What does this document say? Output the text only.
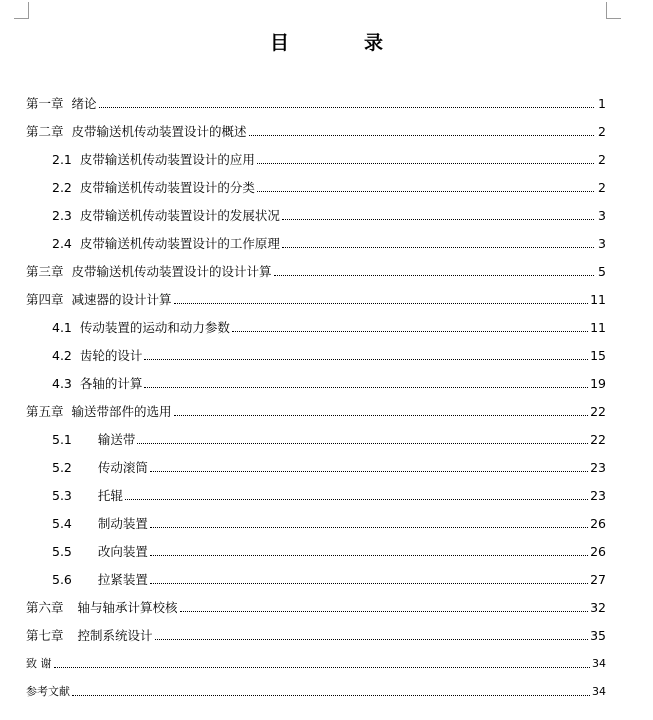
目　录
第一章 绪论	1
第二章 皮带输送机传动装置设计的概述	2
2.1 皮带输送机传动装置设计的应用	2
2.2 皮带输送机传动装置设计的分类	2
2.3 皮带输送机传动装置设计的发展状况	3
2.4 皮带输送机传动装置设计的工作原理	3
第三章 皮带输送机传动装置设计的设计计算	5
第四章 减速器的设计计算	11
4.1 传动装置的运动和动力参数	11
4.2 齿轮的设计	15
4.3 各轴的计算	19
第五章 输送带部件的选用	22
5.1 输送带	22
5.2 传动滚筒	23
5.3 托辊	23
5.4 制动装置	26
5.5 改向装置	26
5.6 拉紧装置	27
第六章 轴与轴承计算校核	32
第七章 控制系统设计	35
致 谢	34
参考文献	34
